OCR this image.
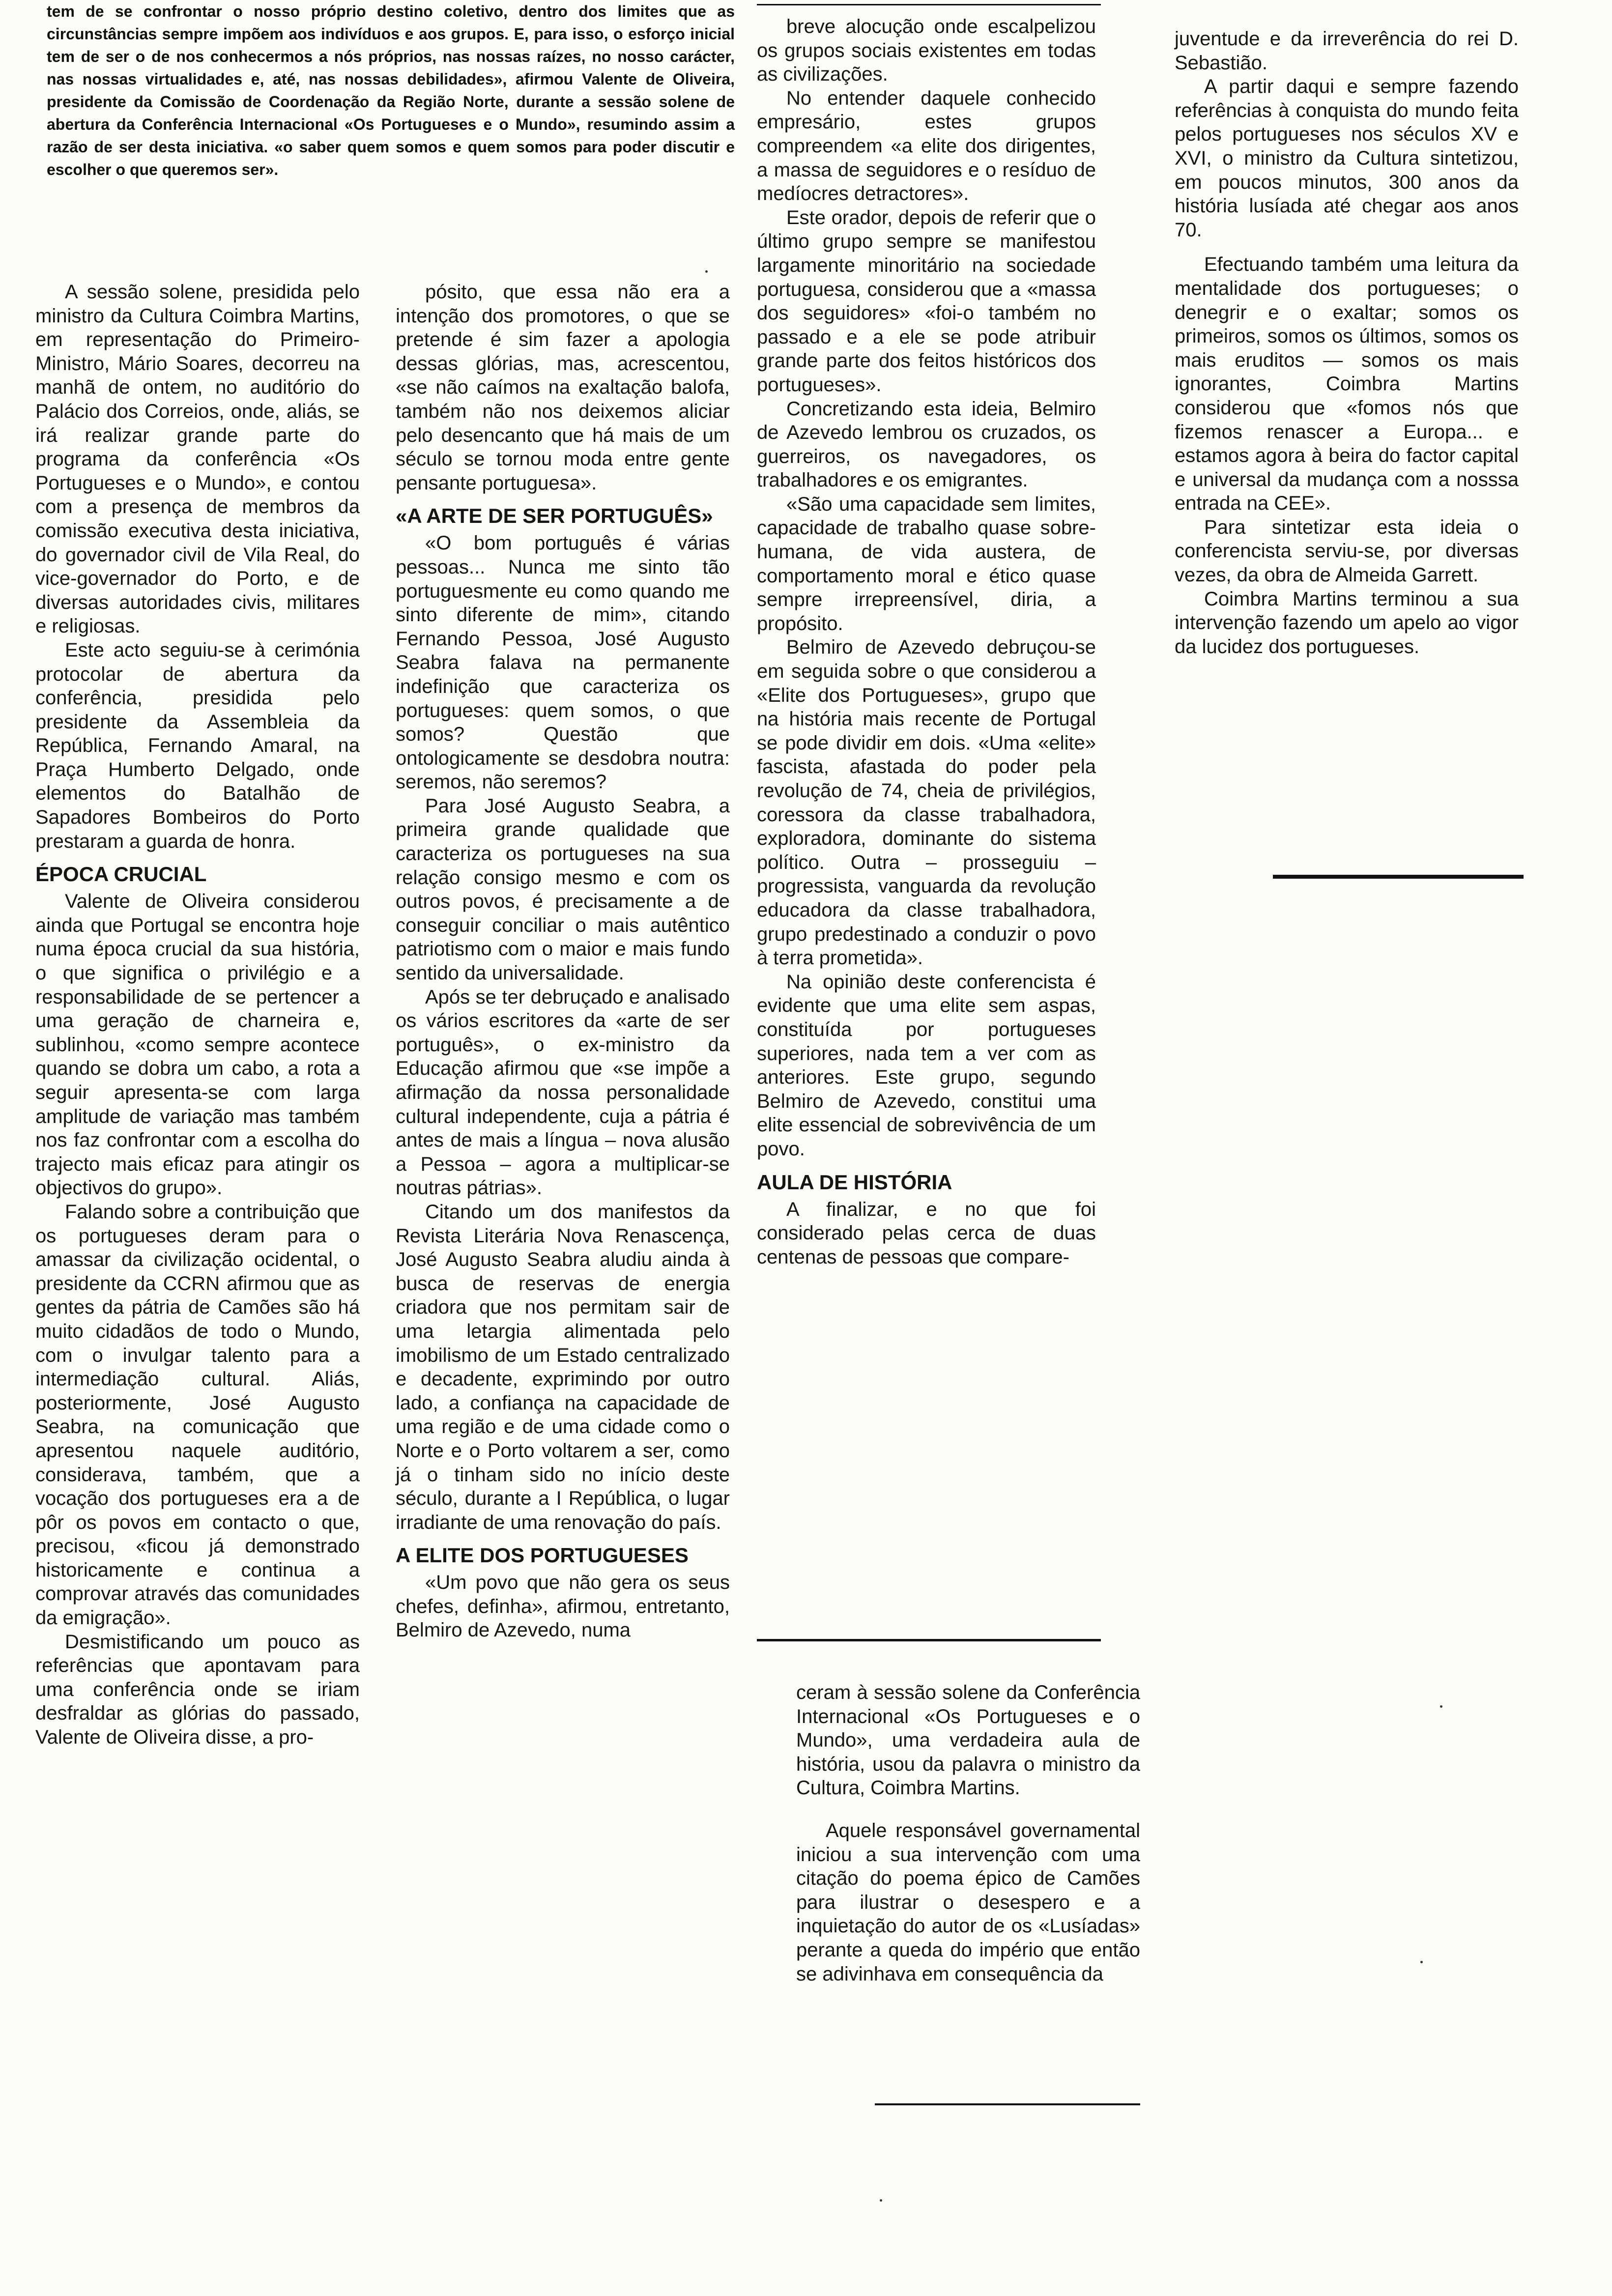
tem de se confrontar o nosso próprio destino coletivo, dentro dos limites que as circunstâncias sempre impõem aos indivíduos e aos grupos. E, para isso, o esforço inicial tem de ser o de nos conhecermos a nós próprios, nas nossas raízes, no nosso carácter, nas nossas virtualidades e, até, nas nossas debilidades», afirmou Valente de Oliveira, presidente da Comissão de Coordenação da Região Norte, durante a sessão solene de abertura da Conferência Internacional «Os Portugueses e o Mundo», resumindo assim a razão de ser desta iniciativa. «o saber quem somos e quem somos para poder discutir e escolher o que queremos ser».

A sessão solene, presidida pelo ministro da Cultura Coimbra Martins, em representação do Primeiro-Ministro, Mário Soares, decorreu na manhã de ontem, no auditório do Palácio dos Correios, onde, aliás, se irá realizar grande parte do programa da conferência «Os Portugueses e o Mundo», e contou com a presença de membros da comissão executiva desta iniciativa, do governador civil de Vila Real, do vice-governador do Porto, e de diversas autoridades civis, militares e religiosas.

Este acto seguiu-se à cerimónia protocolar de abertura da conferência, presidida pelo presidente da Assembleia da República, Fernando Amaral, na Praça Humberto Delgado, onde elementos do Batalhão de Sapadores Bombeiros do Porto prestaram a guarda de honra.

ÉPOCA CRUCIAL

Valente de Oliveira considerou ainda que Portugal se encontra hoje numa época crucial da sua história, o que significa o privilégio e a responsabilidade de se pertencer a uma geração de charneira e, sublinhou, «como sempre acontece quando se dobra um cabo, a rota a seguir apresenta-se com larga amplitude de variação mas também nos faz confrontar com a escolha do trajecto mais eficaz para atingir os objectivos do grupo».

Falando sobre a contribuição que os portugueses deram para o amassar da civilização ocidental, o presidente da CCRN afirmou que as gentes da pátria de Camões são há muito cidadãos de todo o Mundo, com o invulgar talento para a intermediação cultural. Aliás, posteriormente, José Augusto Seabra, na comunicação que apresentou naquele auditório, considerava, também, que a vocação dos portugueses era a de pôr os povos em contacto o que, precisou, «ficou já demonstrado historicamente e continua a comprovar através das comunidades da emigração».

Desmistificando um pouco as referências que apontavam para uma conferência onde se iriam desfraldar as glórias do passado, Valente de Oliveira disse, a pro-

pósito, que essa não era a intenção dos promotores, o que se pretende é sim fazer a apologia dessas glórias, mas, acrescentou, «se não caímos na exaltação balofa, também não nos deixemos aliciar pelo desencanto que há mais de um século se tornou moda entre gente pensante portuguesa».

«A ARTE DE SER PORTUGUÊS»

«O bom português é várias pessoas... Nunca me sinto tão portuguesmente eu como quando me sinto diferente de mim», citando Fernando Pessoa, José Augusto Seabra falava na permanente indefinição que caracteriza os portugueses: quem somos, o que somos? Questão que ontologicamente se desdobra noutra: seremos, não seremos?

Para José Augusto Seabra, a primeira grande qualidade que caracteriza os portugueses na sua relação consigo mesmo e com os outros povos, é precisamente a de conseguir conciliar o mais autêntico patriotismo com o maior e mais fundo sentido da universalidade.

Após se ter debruçado e analisado os vários escritores da «arte de ser português», o ex-ministro da Educação afirmou que «se impõe a afirmação da nossa personalidade cultural independente, cuja a pátria é antes de mais a língua – nova alusão a Pessoa – agora a multiplicar-se noutras pátrias».

Citando um dos manifestos da Revista Literária Nova Renascença, José Augusto Seabra aludiu ainda à busca de reservas de energia criadora que nos permitam sair de uma letargia alimentada pelo imobilismo de um Estado centralizado e decadente, exprimindo por outro lado, a confiança na capacidade de uma região e de uma cidade como o Norte e o Porto voltarem a ser, como já o tinham sido no início deste século, durante a I República, o lugar irradiante de uma renovação do país.

A ELITE DOS PORTUGUESES

«Um povo que não gera os seus chefes, definha», afirmou, entretanto, Belmiro de Azevedo, numa

breve alocução onde escalpelizou os grupos sociais existentes em todas as civilizações.

No entender daquele conhecido empresário, estes grupos compreendem «a elite dos dirigentes, a massa de seguidores e o resíduo de medíocres detractores».

Este orador, depois de referir que o último grupo sempre se manifestou largamente minoritário na sociedade portuguesa, considerou que a «massa dos seguidores» «foi-o também no passado e a ele se pode atribuir grande parte dos feitos históricos dos portugueses».

Concretizando esta ideia, Belmiro de Azevedo lembrou os cruzados, os guerreiros, os navegadores, os trabalhadores e os emigrantes.

«São uma capacidade sem limites, capacidade de trabalho quase sobre-humana, de vida austera, de comportamento moral e ético quase sempre irrepreensível, diria, a propósito.

Belmiro de Azevedo debruçou-se em seguida sobre o que considerou a «Elite dos Portugueses», grupo que na história mais recente de Portugal se pode dividir em dois. «Uma «elite» fascista, afastada do poder pela revolução de 74, cheia de privilégios, coressora da classe trabalhadora, exploradora, dominante do sistema político. Outra – prosseguiu – progressista, vanguarda da revolução educadora da classe trabalhadora, grupo predestinado a conduzir o povo à terra prometida».

Na opinião deste conferencista é evidente que uma elite sem aspas, constituída por portugueses superiores, nada tem a ver com as anteriores. Este grupo, segundo Belmiro de Azevedo, constitui uma elite essencial de sobrevivência de um povo.

AULA DE HISTÓRIA

A finalizar, e no que foi considerado pelas cerca de duas centenas de pessoas que compare-

ceram à sessão solene da Conferência Internacional «Os Portugueses e o Mundo», uma verdadeira aula de história, usou da palavra o ministro da Cultura, Coimbra Martins.

Aquele responsável governamental iniciou a sua intervenção com uma citação do poema épico de Camões para ilustrar o desespero e a inquietação do autor de os «Lusíadas» perante a queda do império que então se adivinhava em consequência da

juventude e da irreverência do rei D. Sebastião.

A partir daqui e sempre fazendo referências à conquista do mundo feita pelos portugueses nos séculos XV e XVI, o ministro da Cultura sintetizou, em poucos minutos, 300 anos da história lusíada até chegar aos anos 70.

Efectuando também uma leitura da mentalidade dos portugueses; o denegrir e o exaltar; somos os primeiros, somos os últimos, somos os mais eruditos — somos os mais ignorantes, Coimbra Martins considerou que «fomos nós que fizemos renascer a Europa... e estamos agora à beira do factor capital e universal da mudança com a nosssa entrada na CEE».

Para sintetizar esta ideia o conferencista serviu-se, por diversas vezes, da obra de Almeida Garrett.

Coimbra Martins terminou a sua intervenção fazendo um apelo ao vigor da lucidez dos portugueses.
